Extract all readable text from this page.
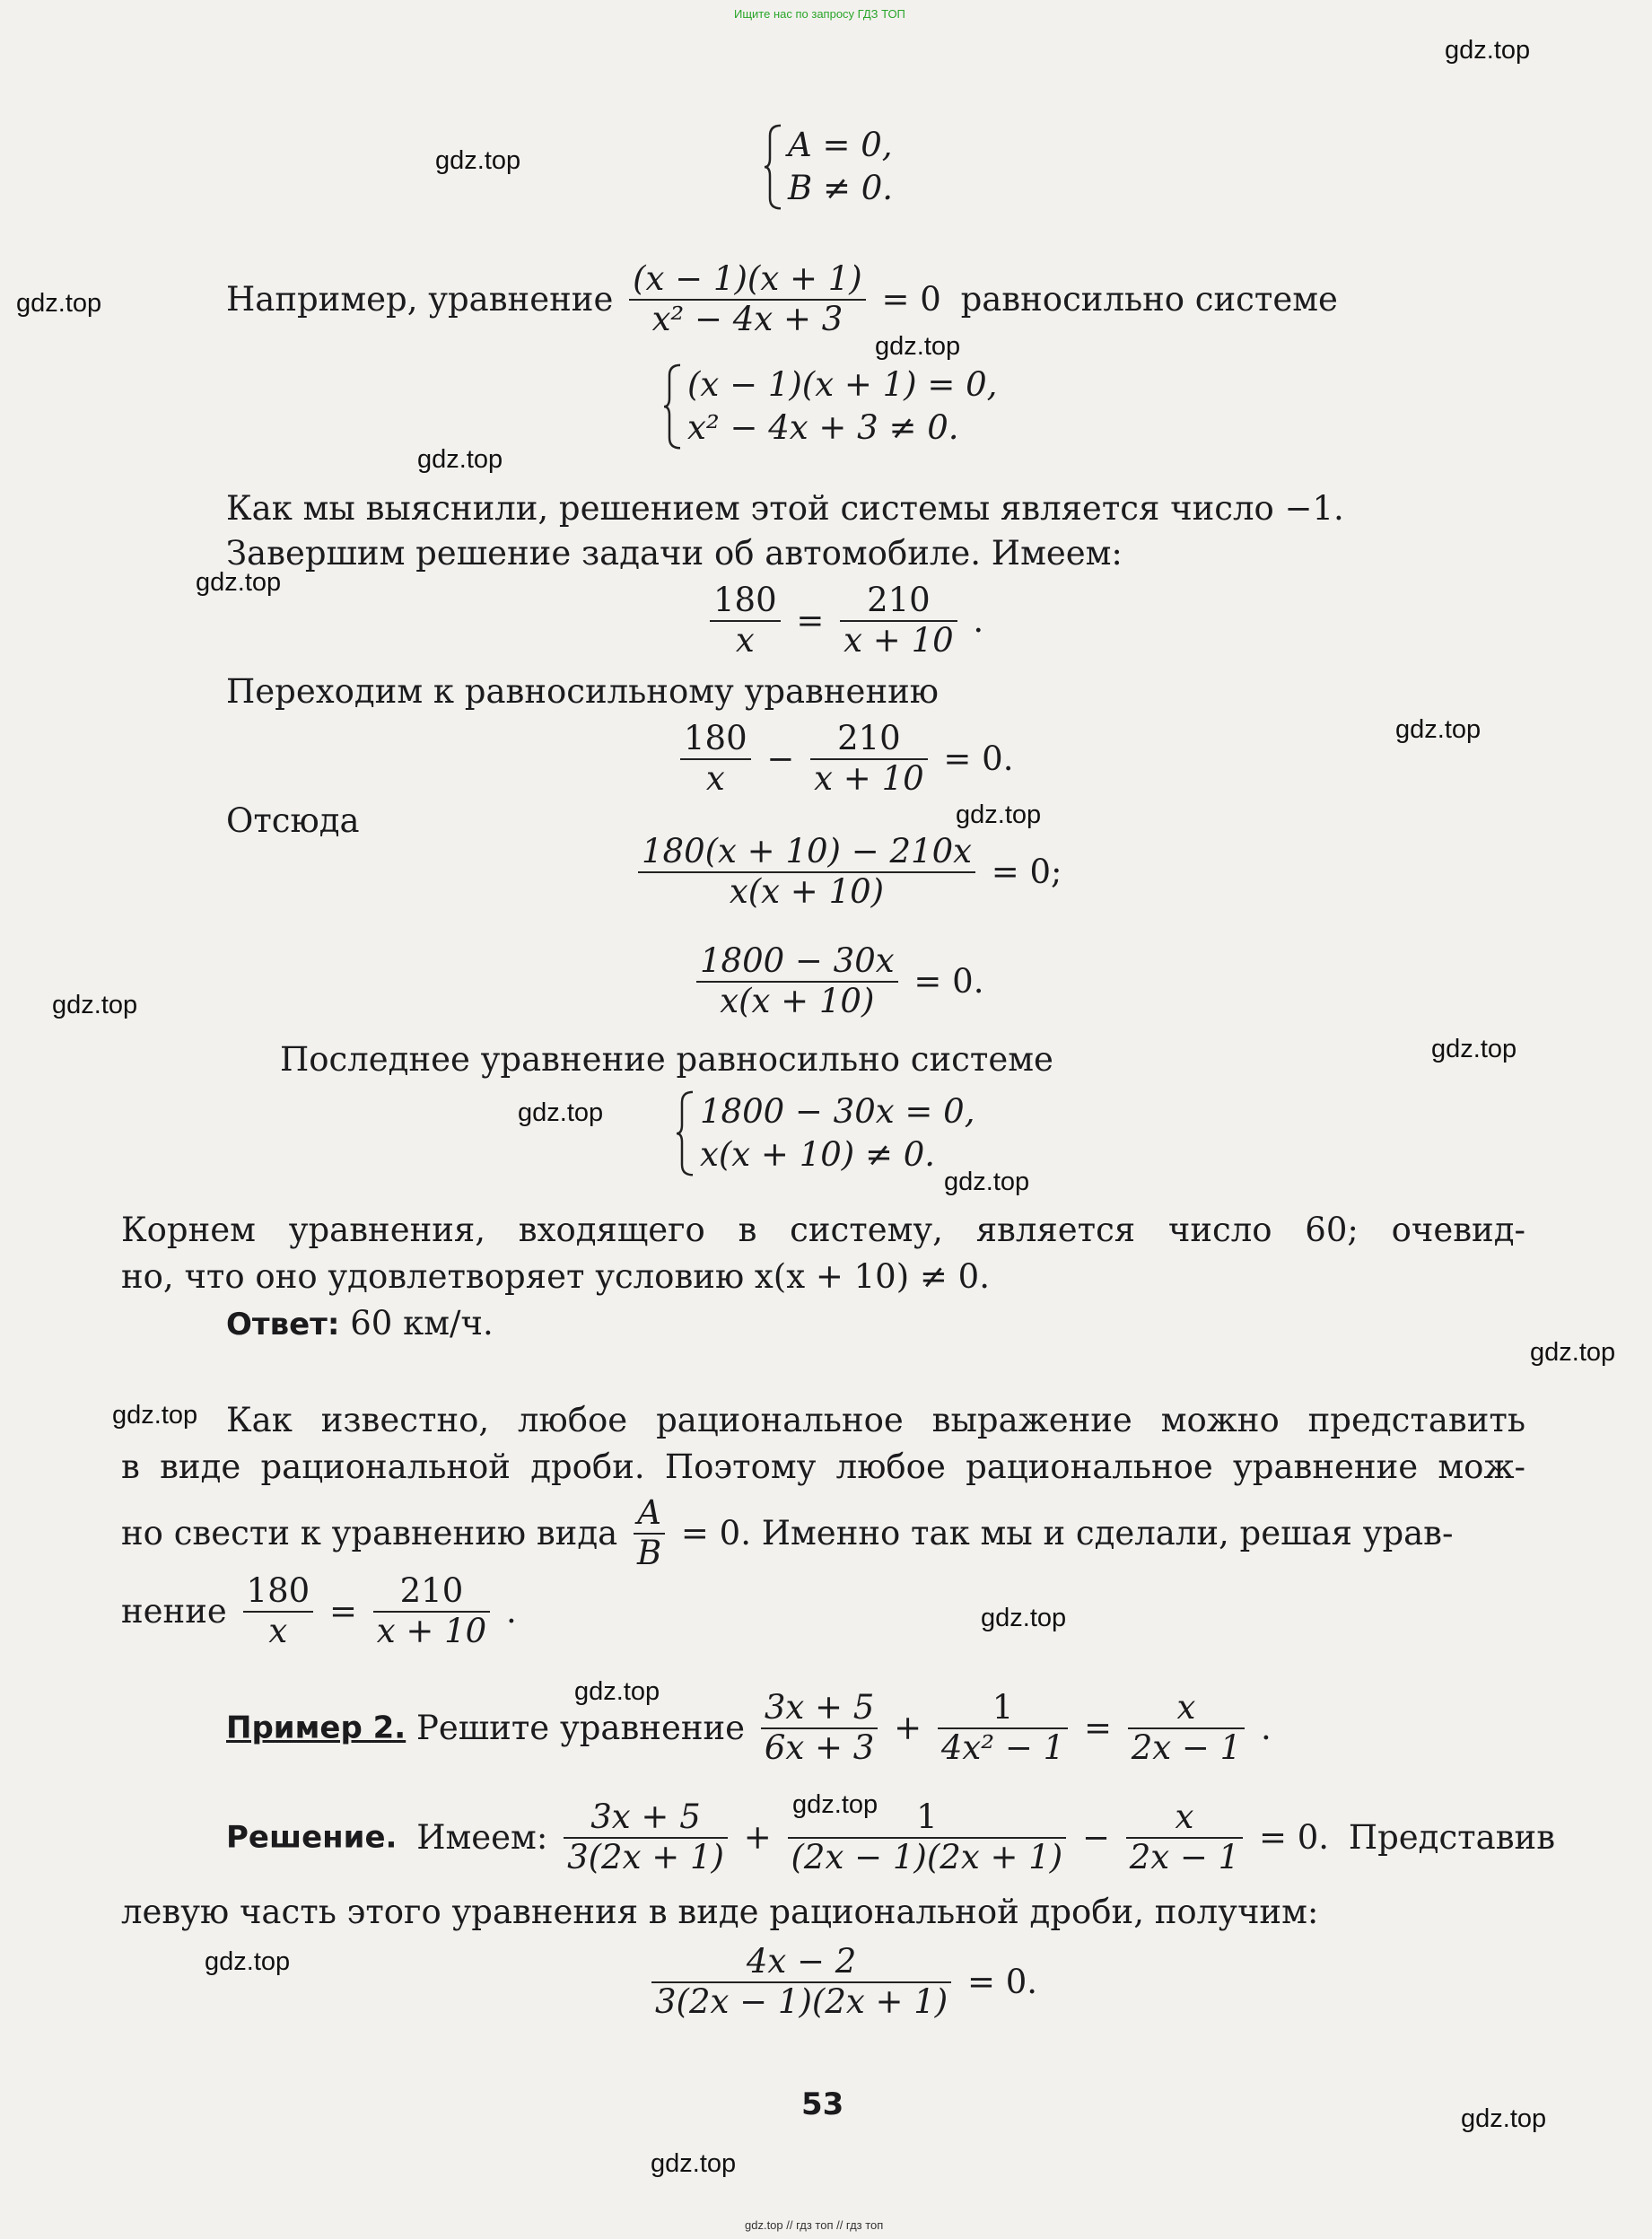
Ищите нас по запросу ГДЗ ТОП
gdz.top // гдз топ // гдз топ
A = 0,
B ≠ 0.
Например, уравнение $\frac{(x - 1)(x + 1)}{\text{x² − 4x + 3}} = 0$ равносильно системе
(x − 1)(x + 1) = 0,
x² − 4x + 3 ≠ 0.
Как мы выяснили, решением этой системы является число −1.
Завершим решение задачи об автомобиле. Имеем:
$\frac{180}{x} = \frac{210}{x + 10}$ .
Переходим к равносильному уравнению
$\frac{180}{x} - \frac{210}{x + 10} = 0$.
Отсюда
$\frac{180(x + 10) - 210x}{x(x + 10)} = 0$;
$\frac{1800 - 30x}{x(x + 10)} = 0$.
Последнее уравнение равносильно системе
1800 − 30x = 0,
x(x + 10) ≠ 0.
Корнем уравнения, входящего в систему, является число 60; очевид-
но, что оно удовлетворяет условию x(x + 10) ≠ 0.
Ответ: 60 км/ч.
Как известно, любое рациональное выражение можно представить
в виде рациональной дроби. Поэтому любое рациональное уравнение мож-
но свести к уравнению вида $\frac{A}{B} = 0$. Именно так мы и сделали, решая урав-
нение $\frac{180}{x} = \frac{210}{x + 10}$ .
Пример 2. Решите уравнение $\frac{3x + 5}{6x + 3} + \frac{1}{\text{4x² − 1}} = \frac{x}{2x - 1}$ .
Решение. Имеем: $\frac{3x + 5}{3(2x + 1)} + \frac{1}{(2x - 1)(2x + 1)} - \frac{x}{2x - 1} = 0$. Представив
левую часть этого уравнения в виде рациональной дроби, получим:
$\frac{4x - 2}{3(2x - 1)(2x + 1)} = 0$.
53
gdz.top
gdz.top
gdz.top
gdz.top
gdz.top
gdz.top
gdz.top
gdz.top
gdz.top
gdz.top
gdz.top
gdz.top
gdz.top
gdz.top
gdz.top
gdz.top
gdz.top
gdz.top
gdz.top
gdz.top
